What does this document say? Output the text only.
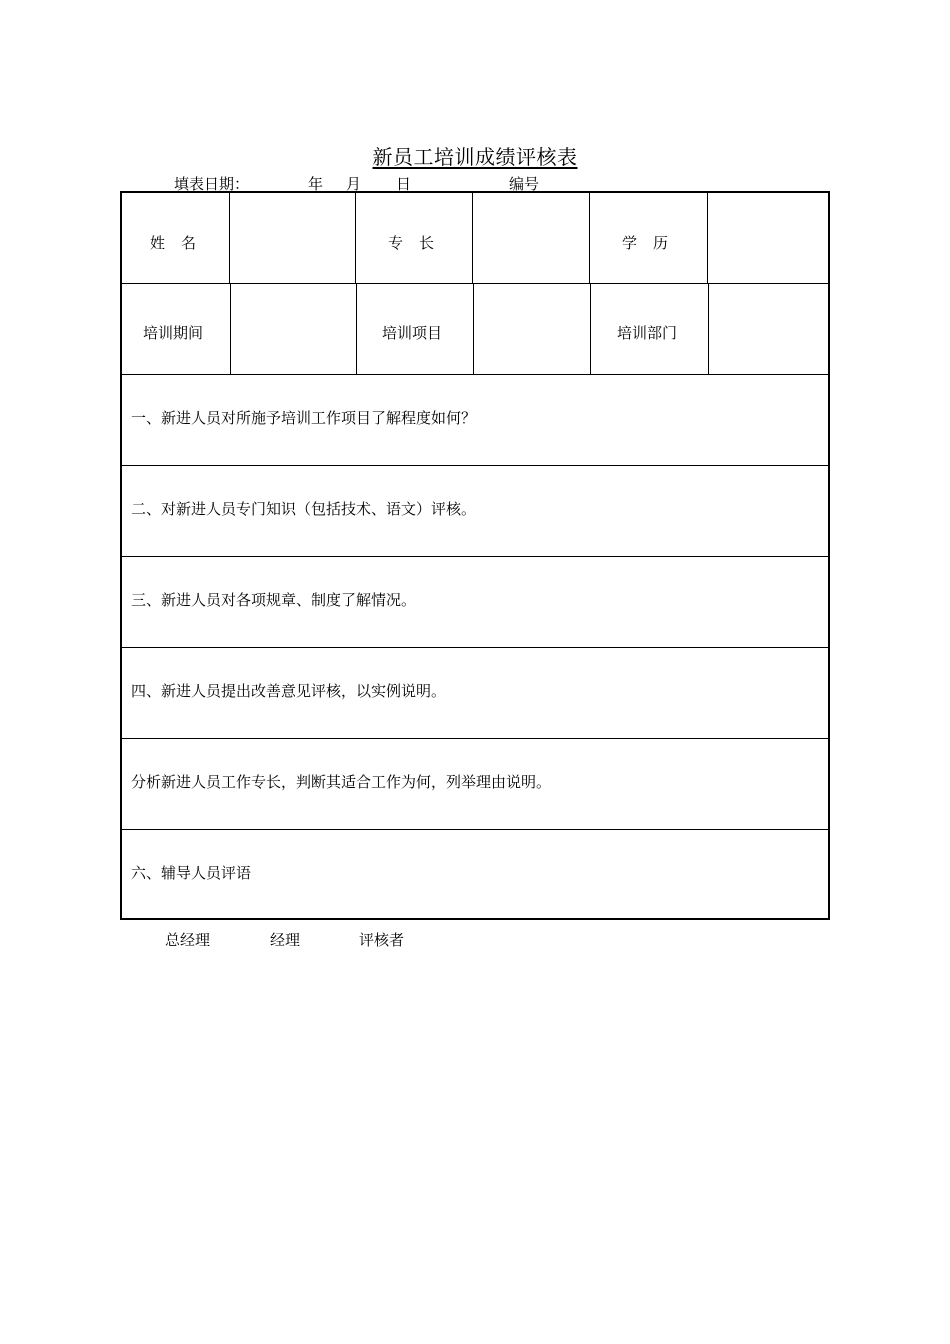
新员工培训成绩评核表
填表日期：	年 月 日	编号
姓名	专长	学历
培训期间	培训项目	培训部门
一、新进人员对所施予培训工作项目了解程度如何？
二、对新进人员专门知识（包括技术、语文）评核。
三、新进人员对各项规章、制度了解情况。
四、新进人员提出改善意见评核，以实例说明。
分析新进人员工作专长，判断其适合工作为何，列举理由说明。
六、辅导人员评语
总经理	经理	评核者
